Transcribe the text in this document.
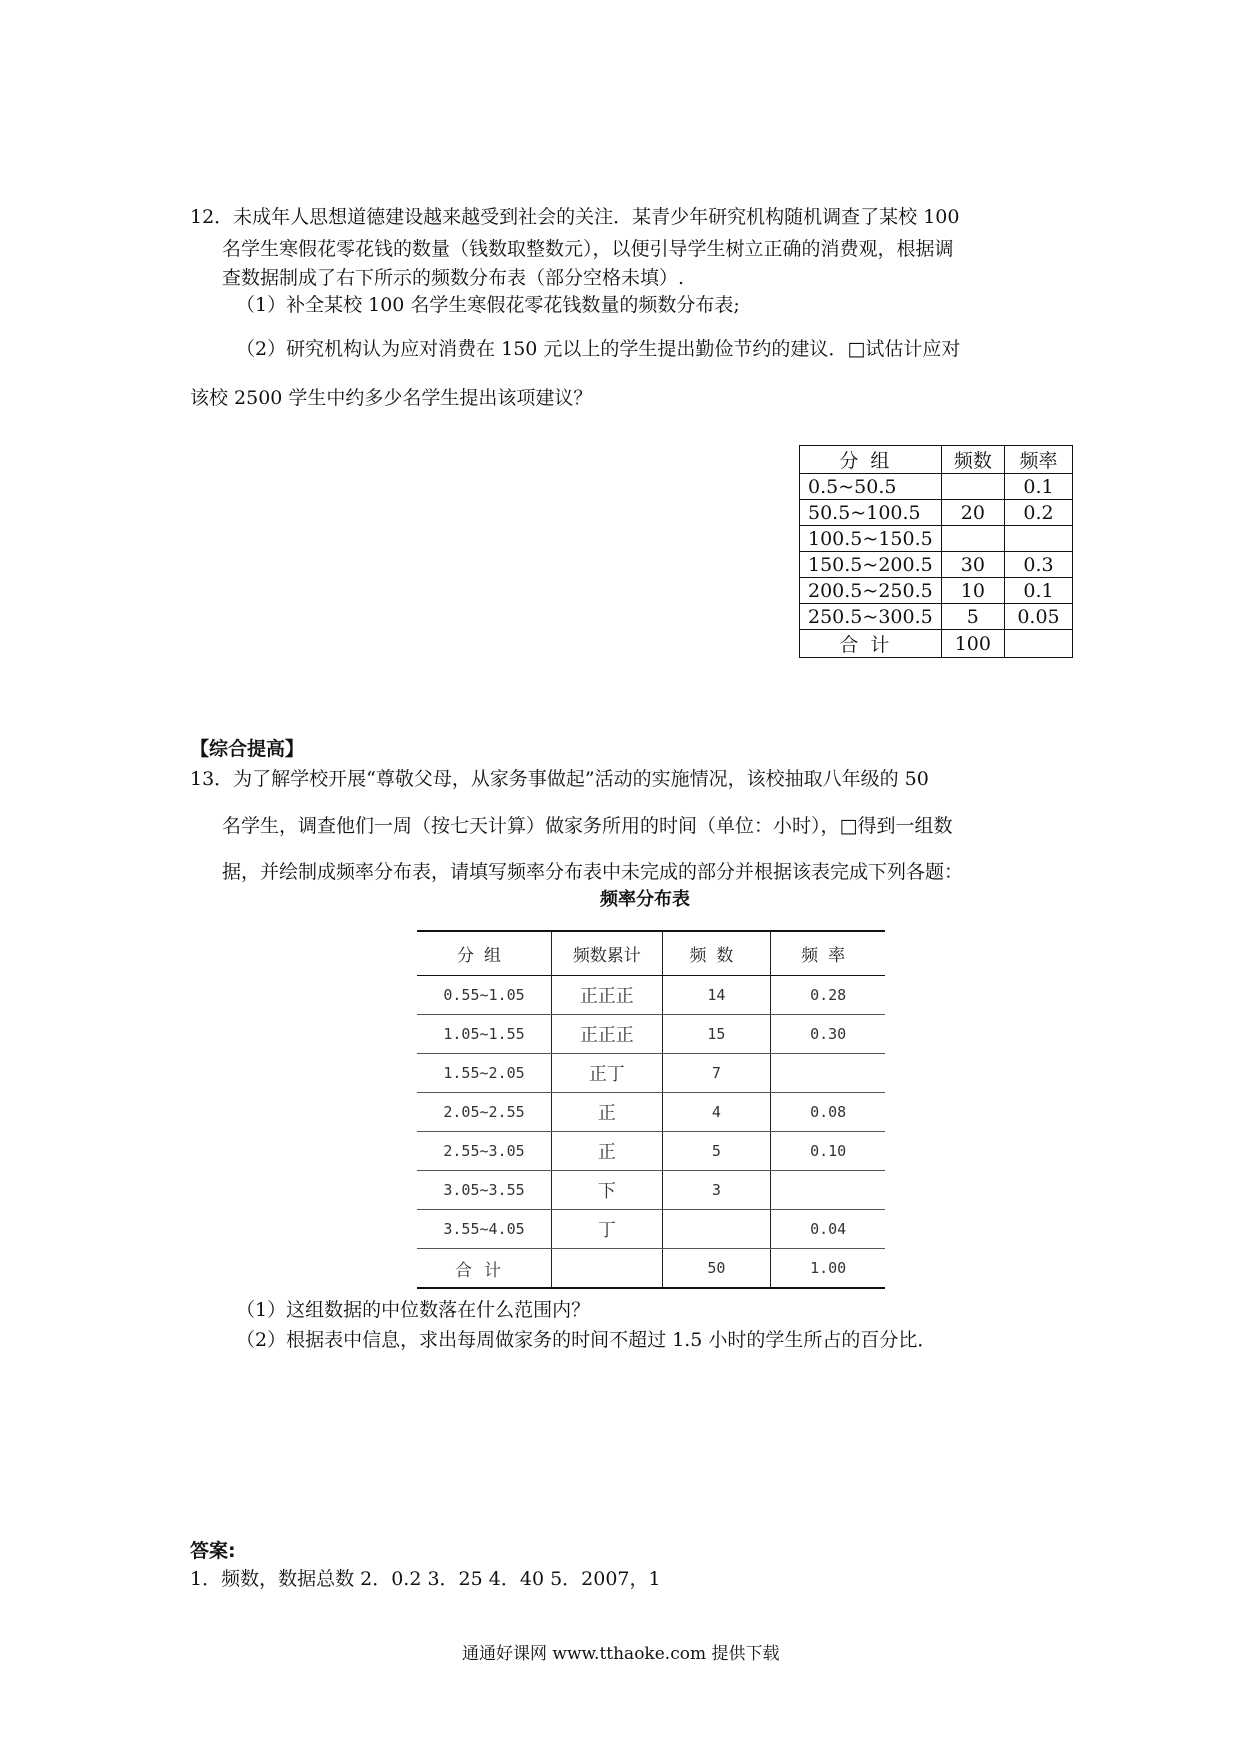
12．未成年人思想道德建设越来越受到社会的关注．某青少年研究机构随机调查了某校 100
名学生寒假花零花钱的数量（钱数取整数元），以便引导学生树立正确的消费观，根据调
查数据制成了右下所示的频数分布表（部分空格未填）.
（1）补全某校 100 名学生寒假花零花钱数量的频数分布表;
（2）研究机构认为应对消费在 150 元以上的学生提出勤俭节约的建议．□试估计应对
该校 2500 学生中约多少名学生提出该项建议？
分组	频数	频率
0.5~50.5		0.1
50.5~100.5	20	0.2
100.5~150.5		
150.5~200.5	30	0.3
200.5~250.5	10	0.1
250.5~300.5	5	0.05
合计	100	
【综合提高】
13．为了解学校开展“尊敬父母，从家务事做起”活动的实施情况，该校抽取八年级的 50
名学生，调查他们一周（按七天计算）做家务所用的时间（单位：小时），□得到一组数
据，并绘制成频率分布表，请填写频率分布表中未完成的部分并根据该表完成下列各题：
频率分布表
分组	频数累计	频数	频率
0.55~1.05	正正正	14	0.28
1.05~1.55	正正正	15	0.30
1.55~2.05	正丁	7	
2.05~2.55	正	4	0.08
2.55~3.05	正	5	0.10
3.05~3.55	下	3	
3.55~4.05	丁		0.04
合计		50	1.00
（1）这组数据的中位数落在什么范围内？
（2）根据表中信息，求出每周做家务的时间不超过 1.5 小时的学生所占的百分比．
答案:
1．频数，数据总数 2．0.2 3．25 4．40 5．2007，1
通通好课网 www.tthaoke.com 提供下载
